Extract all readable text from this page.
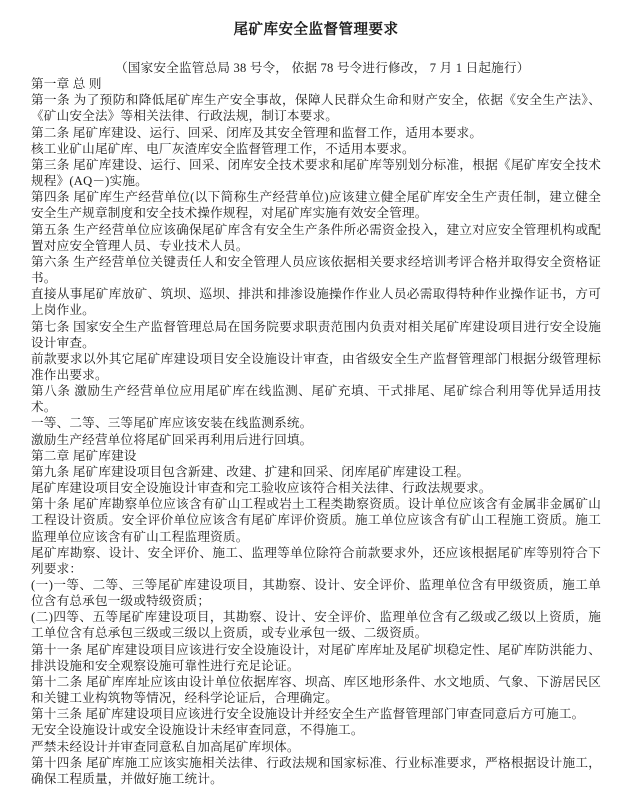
尾矿库安全监督管理要求

（国家安全监管总局 38 号令， 依据 78 号令进行修改， 7 月 1 日起施行）

第一章 总 则

第一条 为了预防和降低尾矿库生产安全事故，保障人民群众生命和财产安全，依据《安全生产法》、《矿山安全法》等相关法律、行政法规，制订本要求。

第二条 尾矿库建设、运行、回采、闭库及其安全管理和监督工作，适用本要求。

核工业矿山尾矿库、电厂灰渣库安全监督管理工作，不适用本要求。

第三条 尾矿库建设、运行、回采、闭库安全技术要求和尾矿库等别划分标准，根据《尾矿库安全技术规程》(AQ－)实施。

第四条 尾矿库生产经营单位(以下简称生产经营单位)应该建立健全尾矿库安全生产责任制，建立健全安全生产规章制度和安全技术操作规程，对尾矿库实施有效安全管理。

第五条 生产经营单位应该确保尾矿库含有安全生产条件所必需资金投入，建立对应安全管理机构或配置对应安全管理人员、专业技术人员。

第六条 生产经营单位关键责任人和安全管理人员应该依据相关要求经培训考评合格并取得安全资格证书。

直接从事尾矿库放矿、筑坝、巡坝、排洪和排渗设施操作作业人员必需取得特种作业操作证书，方可上岗作业。

第七条 国家安全生产监督管理总局在国务院要求职责范围内负责对相关尾矿库建设项目进行安全设施设计审查。

前款要求以外其它尾矿库建设项目安全设施设计审查，由省级安全生产监督管理部门根据分级管理标准作出要求。

第八条 激励生产经营单位应用尾矿库在线监测、尾矿充填、干式排尾、尾矿综合利用等优异适用技术。

一等、二等、三等尾矿库应该安装在线监测系统。

激励生产经营单位将尾矿回采再利用后进行回填。

第二章 尾矿库建设

第九条 尾矿库建设项目包含新建、改建、扩建和回采、闭库尾矿库建设工程。

尾矿库建设项目安全设施设计审查和完工验收应该符合相关法律、行政法规要求。

第十条 尾矿库勘察单位应该含有矿山工程或岩土工程类勘察资质。设计单位应该含有金属非金属矿山工程设计资质。安全评价单位应该含有尾矿库评价资质。施工单位应该含有矿山工程施工资质。施工监理单位应该含有矿山工程监理资质。

尾矿库勘察、设计、安全评价、施工、监理等单位除符合前款要求外，还应该根据尾矿库等别符合下列要求：

(一)一等、二等、三等尾矿库建设项目，其勘察、设计、安全评价、监理单位含有甲级资质，施工单位含有总承包一级或特级资质；

(二)四等、五等尾矿库建设项目，其勘察、设计、安全评价、监理单位含有乙级或乙级以上资质，施工单位含有总承包三级或三级以上资质，或专业承包一级、二级资质。

第十一条 尾矿库建设项目应该进行安全设施设计，对尾矿库库址及尾矿坝稳定性、尾矿库防洪能力、排洪设施和安全观察设施可靠性进行充足论证。

第十二条 尾矿库库址应该由设计单位依据库容、坝高、库区地形条件、水文地质、气象、下游居民区和关键工业构筑物等情况，经科学论证后，合理确定。

第十三条 尾矿库建设项目应该进行安全设施设计并经安全生产监督管理部门审查同意后方可施工。

无安全设施设计或安全设施设计未经审查同意，不得施工。

严禁未经设计并审查同意私自加高尾矿库坝体。

第十四条 尾矿库施工应该实施相关法律、行政法规和国家标准、行业标准要求，严格根据设计施工，确保工程质量，并做好施工统计。
